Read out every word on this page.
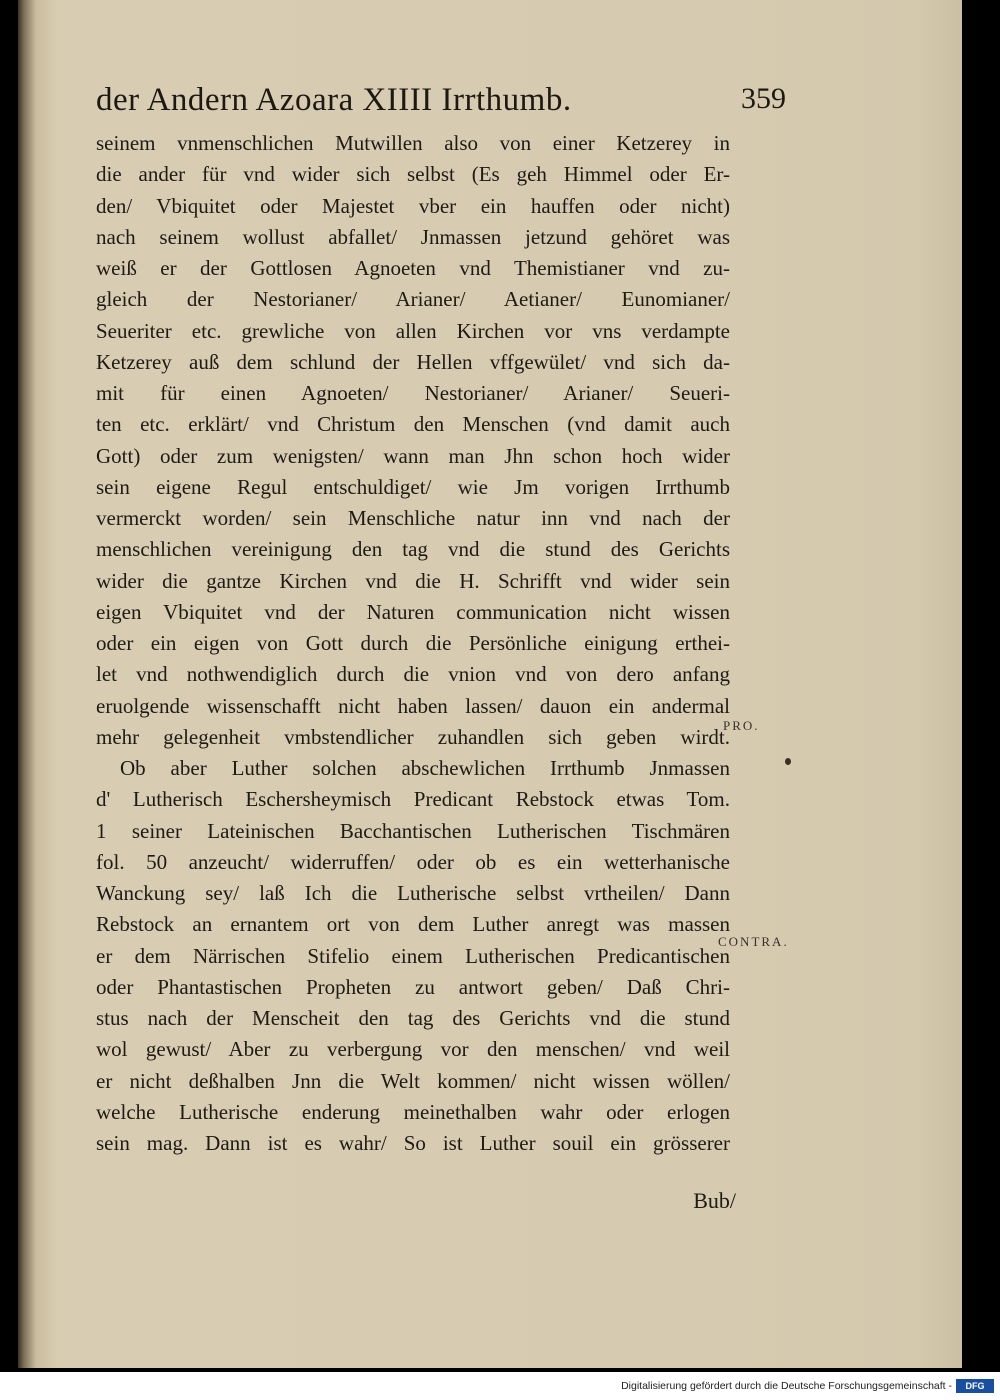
der Andern Azoara XIIII Irrthumb.	359
seinem vnmenschlichen Mutwillen also von einer Ketzerey in
die ander für vnd wider sich selbst (Es geh Himmel oder Er-
den/ Vbiquitet oder Majestet vber ein hauffen oder nicht)
nach seinem wollust abfallet/ Jnmassen jetzund gehöret was
weiß er der Gottlosen Agnoeten vnd Themistianer vnd zu-
gleich der Nestorianer/ Arianer/ Aetianer/ Eunomianer/
Seueriter etc. grewliche von allen Kirchen vor vns verdampte
Ketzerey auß dem schlund der Hellen vffgewület/ vnd sich da-
mit für einen Agnoeten/ Nestorianer/ Arianer/ Seueri-
ten etc. erklärt/ vnd Christum den Menschen (vnd damit auch
Gott) oder zum wenigsten/ wann man Jhn schon hoch wider
sein eigene Regul entschuldiget/ wie Jm vorigen Irrthumb
vermerckt worden/ sein Menschliche natur inn vnd nach der
menschlichen vereinigung den tag vnd die stund des Gerichts
wider die gantze Kirchen vnd die H. Schrifft vnd wider sein
eigen Vbiquitet vnd der Naturen communication nicht wissen
oder ein eigen von Gott durch die Persönliche einigung erthei-
let vnd nothwendiglich durch die vnion vnd von dero anfang
eruolgende wissenschafft nicht haben lassen/ dauon ein andermal
mehr gelegenheit vmbstendlicher zuhandlen sich geben wirdt.
Ob aber Luther solchen abschewlichen Irrthumb Jnmassen
d' Lutherisch Eschersheymisch Predicant Rebstock etwas Tom.
1 seiner Lateinischen Bacchantischen Lutherischen Tischmären
fol. 50 anzeucht/ widerruffen/ oder ob es ein wetterhanische
Wanckung sey/ laß Ich die Lutherische selbst vrtheilen/ Dann
Rebstock an ernantem ort von dem Luther anregt was massen
er dem Närrischen Stifelio einem Lutherischen Predicantischen
oder Phantastischen Propheten zu antwort geben/ Daß Chri-
stus nach der Menscheit den tag des Gerichts vnd die stund
wol gewust/ Aber zu verbergung vor den menschen/ vnd weil
er nicht deßhalben Jnn die Welt kommen/ nicht wissen wöllen/
welche Lutherische enderung meinethalben wahr oder erlogen
sein mag. Dann ist es wahr/ So ist Luther souil ein grösserer
Bub/
PRO.
CONTRA.
Digitalisierung gefördert durch die Deutsche Forschungsgemeinschaft -	DFG
